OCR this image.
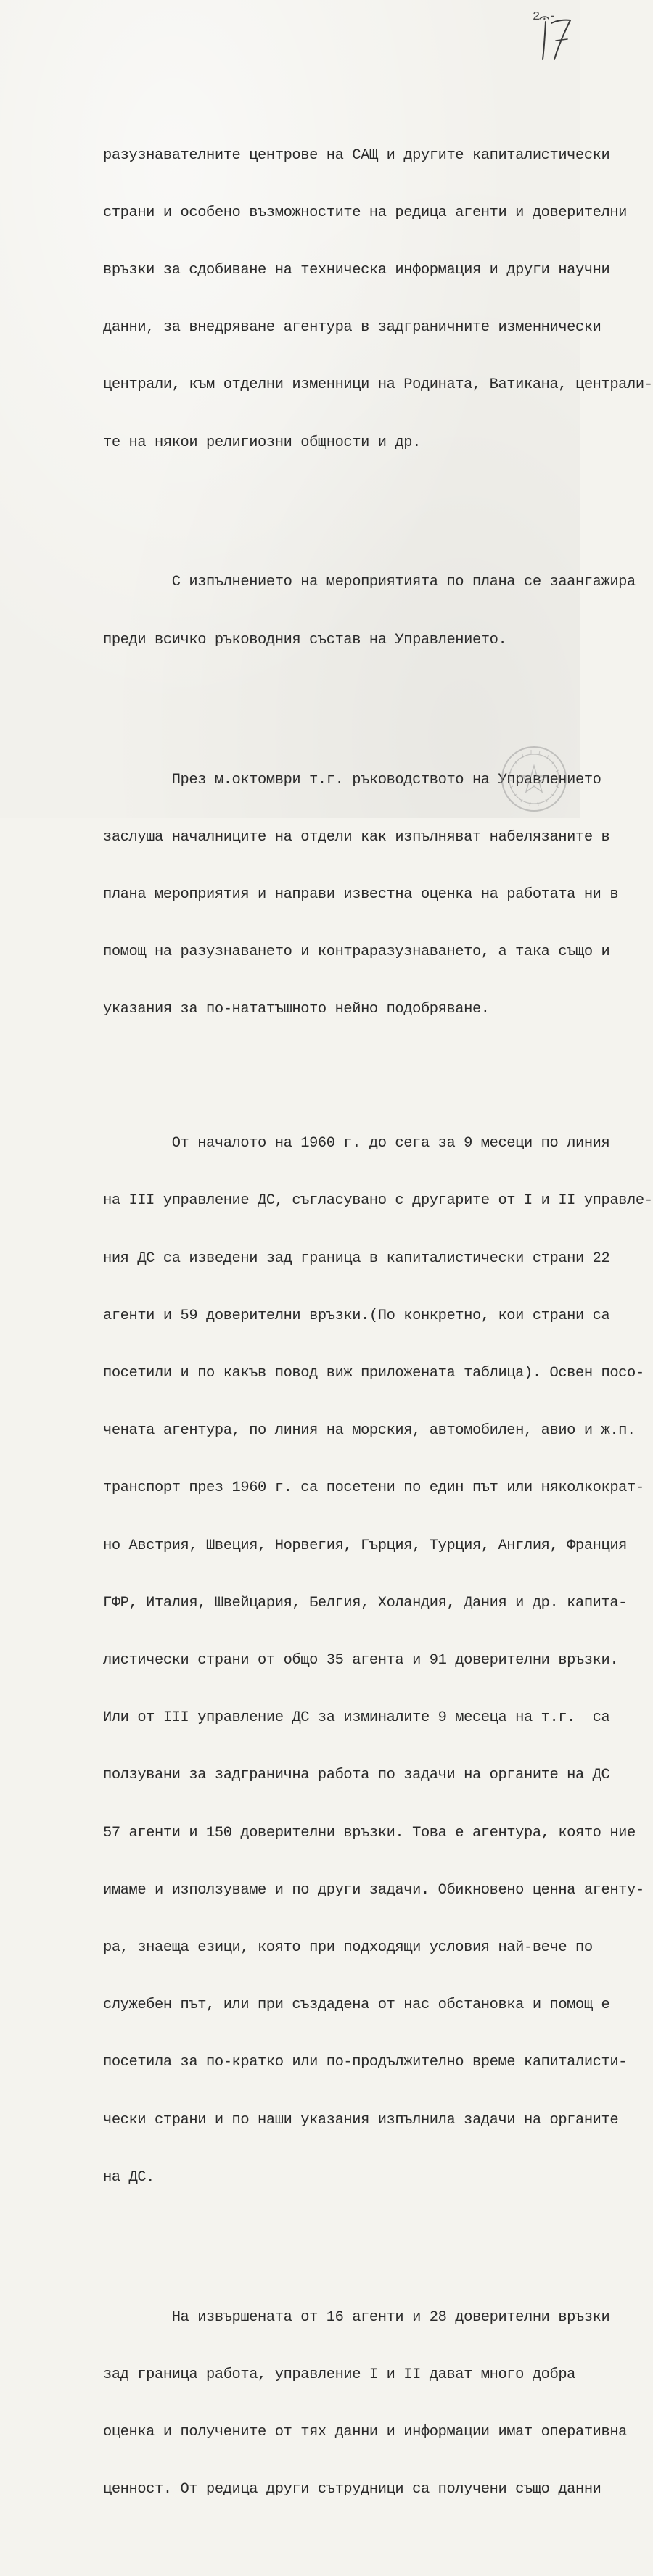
2.-

разузнавателните центрове на САЩ и другите капиталистически

страни и особено възможностите на редица агенти и доверителни

връзки за сдобиване на техническа информация и други научни

данни, за внедряване агентура в задграничните изменнически

централи, към отделни изменници на Родината, Ватикана, централи-

те на някои религиозни общности и др.

С изпълнението на мероприятията по плана се заангажира

преди всичко ръководния състав на Управлението.

През м.октомври т.г. ръководството на Управлението

заслуша началниците на отдели как изпълняват набелязаните в

плана мероприятия и направи известна оценка на работата ни в

помощ на разузнаването и контраразузнаването, а така също и

указания за по-нататъшното нейно подобряване.

От началото на 1960 г. до сега за 9 месеци по линия

на III управление ДС, съгласувано с другарите от I и II управле-

ния ДС са изведени зад граница в капиталистически страни 22

агенти и 59 доверителни връзки.(По конкретно, кои страни са

посетили и по какъв повод виж приложената таблица). Освен посо-

чената агентура, по линия на морския, автомобилен, авио и ж.п.

транспорт през 1960 г. са посетени по един път или няколкократ-

но Австрия, Швеция, Норвегия, Гърция, Турция, Англия, Франция

ГФР, Италия, Швейцария, Белгия, Холандия, Дания и др. капита-

листически страни от общо 35 агента и 91 доверителни връзки.

Или от III управление ДС за изминалите 9 месеца на т.г.  са

ползувани за задгранична работа по задачи на органите на ДС

57 агенти и 150 доверителни връзки. Това е агентура, която ние

имаме и използуваме и по други задачи. Обикновено ценна агенту-

ра, знаеща езици, която при подходящи условия най-вече по

служебен път, или при създадена от нас обстановка и помощ е

посетила за по-кратко или по-продължително време капиталисти-

чески страни и по наши указания изпълнила задачи на органите

на ДС.

На извършената от 16 агенти и 28 доверителни връзки

зад граница работа, управление I и II дават много добра

оценка и получените от тях данни и информации имат оперативна

ценност. От редица други сътрудници са получени също данни
